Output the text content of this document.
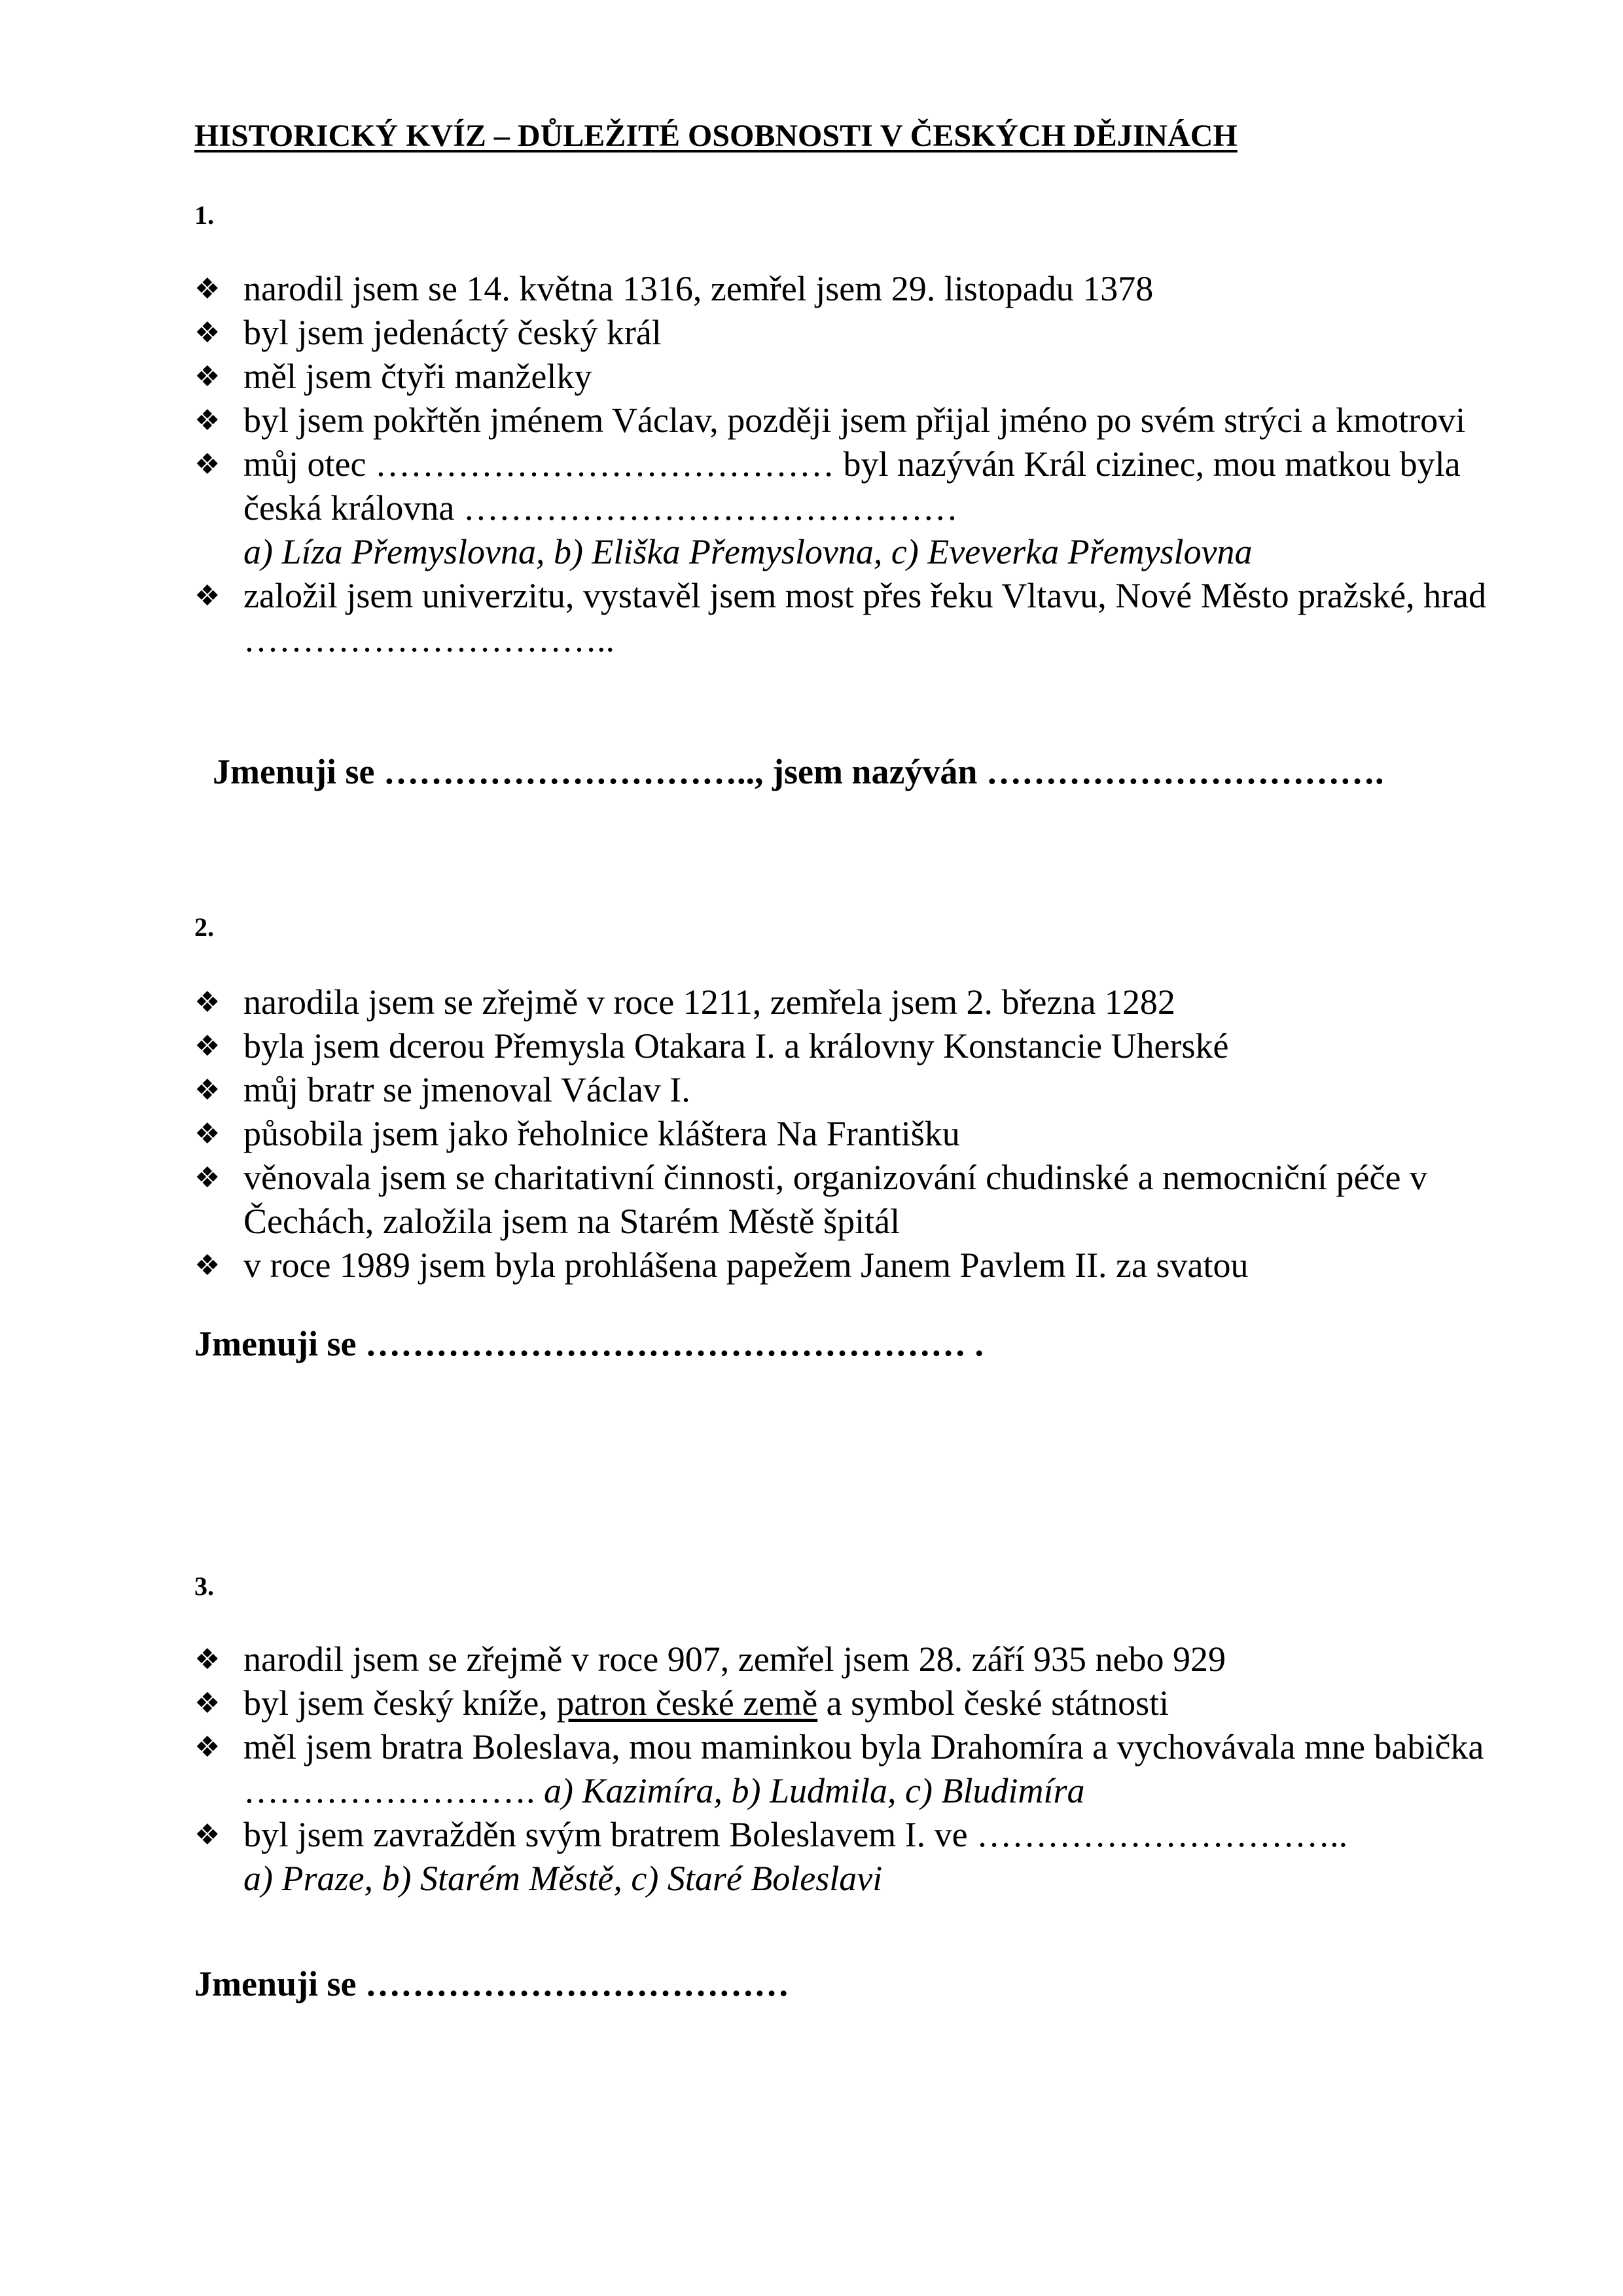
HISTORICKÝ KVÍZ – DŮLEŽITÉ OSOBNOSTI V ČESKÝCH DĚJINÁCH
1.
❖ narodil jsem se 14. května 1316, zemřel jsem 29. listopadu 1378
❖ byl jsem jedenáctý český král
❖ měl jsem čtyři manželky
❖ byl jsem pokřtěn jménem Václav, později jsem přijal jméno po svém strýci a kmotrovi
❖ můj otec ………………………………… byl nazýván Král cizinec, mou matkou byla česká královna ……………………………………
a) Líza Přemyslovna, b) Eliška Přemyslovna, c) Eveverka Přemyslovna
❖ založil jsem univerzitu, vystavěl jsem most přes řeku Vltavu, Nové Město pražské, hrad …………………………..
Jmenuji se ………………………….., jsem nazýván …………………………….
2.
❖ narodila jsem se zřejmě v roce 1211, zemřela jsem 2. března 1282
❖ byla jsem dcerou Přemysla Otakara I. a královny Konstancie Uherské
❖ můj bratr se jmenoval Václav I.
❖ působila jsem jako řeholnice kláštera Na Františku
❖ věnovala jsem se charitativní činnosti, organizování chudinské a nemocniční péče v Čechách, založila jsem na Starém Městě špitál
❖ v roce 1989 jsem byla prohlášena papežem Janem Pavlem II. za svatou
Jmenuji se …………………………………………… .
3.
❖ narodil jsem se zřejmě v roce 907, zemřel jsem 28. září 935 nebo 929
❖ byl jsem český kníže, patron české země a symbol české státnosti
❖ měl jsem bratra Boleslava, mou maminkou byla Drahomíra a vychovávala mne babička ……………………. a) Kazimíra, b) Ludmila, c) Bludimíra
❖ byl jsem zavražděn svým bratrem Boleslavem I. ve …………………………..
a) Praze, b) Starém Městě, c) Staré Boleslavi
Jmenuji se ………………………………
